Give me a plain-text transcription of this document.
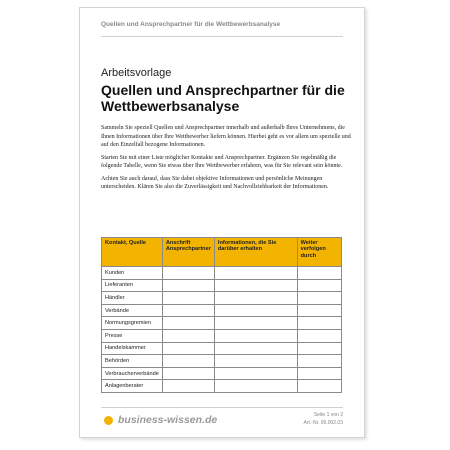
Quellen und Ansprechpartner für die Wettbewerbsanalyse
Arbeitsvorlage
Quellen und Ansprechpartner für die Wettbewerbsanalyse

Sammeln Sie speziell Quellen und Ansprechpartner innerhalb und außerhalb Ihres Unternehmens, die Ihnen Informationen über Ihre Wettbewerber liefern können. Hierbei geht es vor allem um spezielle und auf den Einzelfall bezogene Informationen.

Starten Sie mit einer Liste möglicher Kontakte und Ansprechpartner. Ergänzen Sie regelmäßig die folgende Tabelle, wenn Sie etwas über Ihre Wettbewerber erfahren, was für Sie relevant sein könnte.

Achten Sie auch darauf, dass Sie dabei objektive Informationen und persönliche Meinungen unterscheiden. Klären Sie also die Zuverlässigkeit und Nachvollziehbarkeit der Informationen.

Kontakt, Quelle	Anschrift Ansprechpartner	Informationen, die Sie darüber erhalten	Weiter verfolgen durch
Kunden			
Lieferanten			
Händler			
Verbände			
Normungsgremien			
Presse			
Handelskammer			
Behörden			
Verbraucherverbände			
Anlagenberater			
business-wissen.de	Seite 1 von 2
Art.-Nr. 99.002.03
